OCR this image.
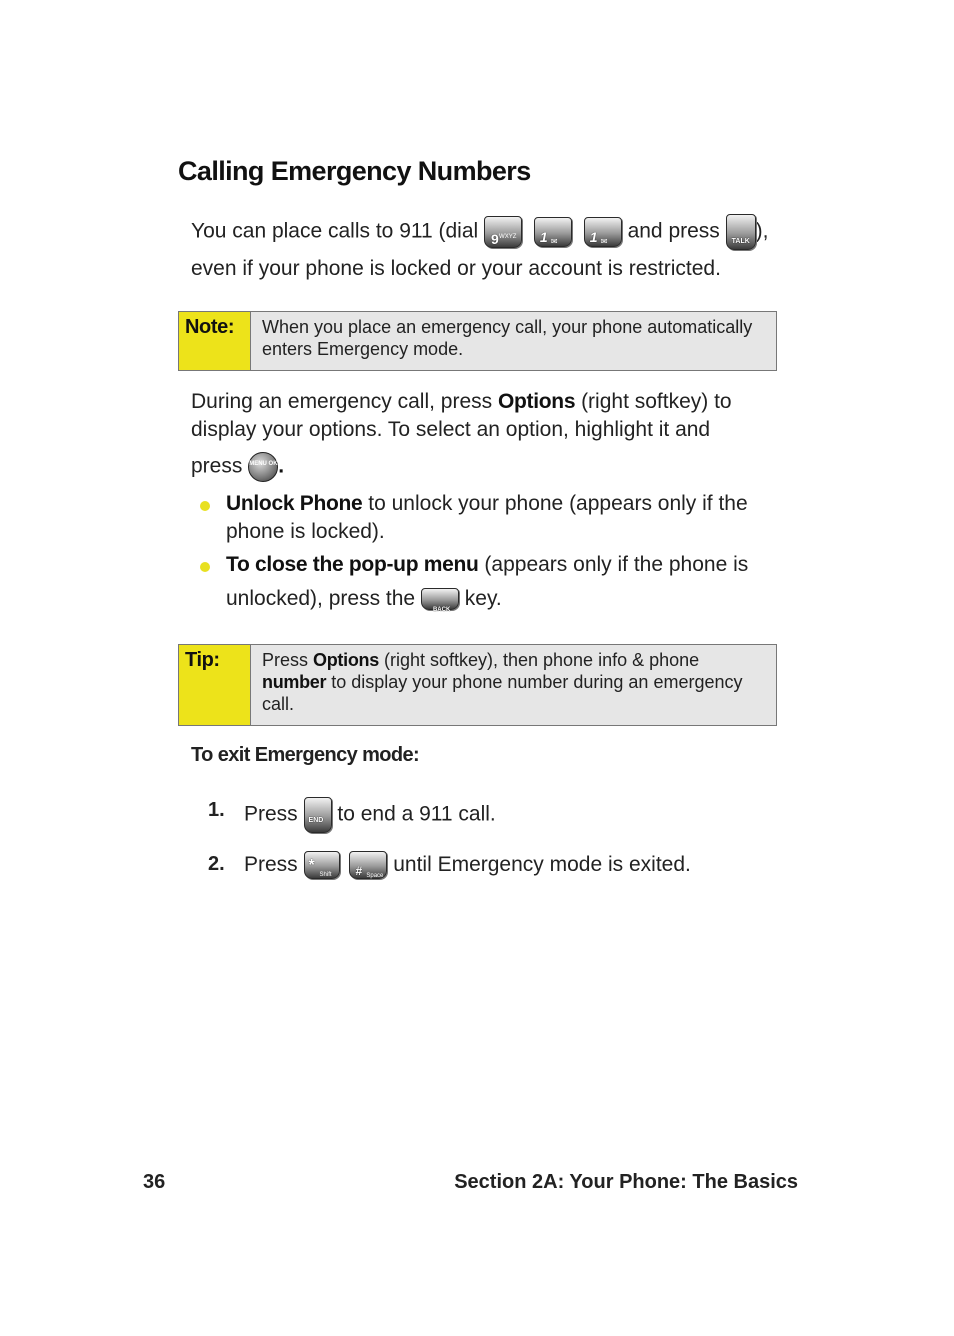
Calling Emergency Numbers
You can place calls to 911 (dial 9 WXYZ
1 ✉
1 ✉ and press TALK ),
even if your phone is locked or your account is restricted.
Note: When you place an emergency call, your phone automatically enters Emergency mode.
During an emergency call, press Options (right softkey) to
display your options. To select an option, highlight it and
press MENU OK .
Unlock Phone to unlock your phone (appears only if the
phone is locked).
To close the pop-up menu (appears only if the phone is
unlocked), press the
BACK
key.
Tip: Press Options (right softkey), then phone info & phone number to display your phone number during an emergency call.
To exit Emergency mode:
1. Press END to end a 911 call.
2. Press *
Shift
# Space
until Emergency mode is exited.
36	Section 2A: Your Phone: The Basics
